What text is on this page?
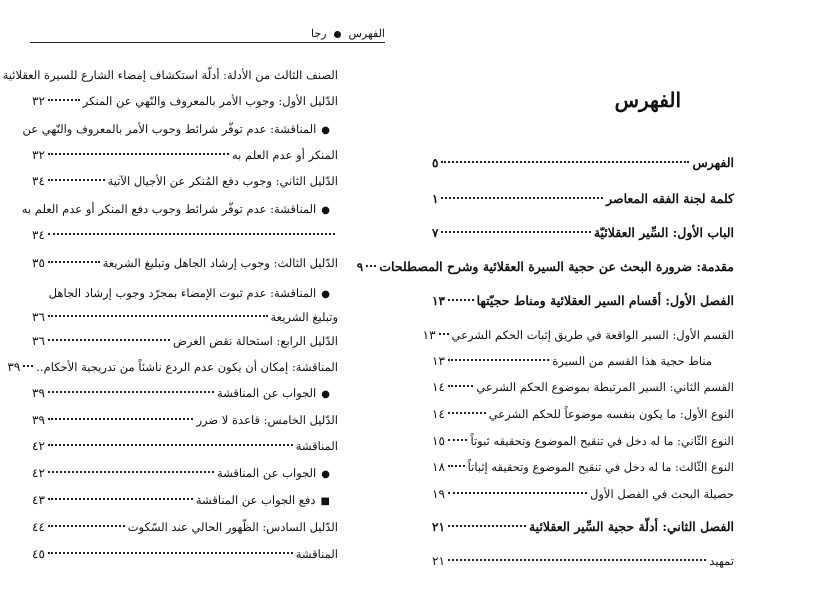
الفهرس  رجا
الصنف الثالث من الأدلة: أدلّة استكشاف إمضاء الشارع للسيرة العقلائية
الدّليل الأول: وجوب الأمر بالمعروف والنّهي عن المنكر
٣٢
●المناقشة: عدم توفّر شرائط وجوب الأمر بالمعروف والنّهي عن
المنكر أو عدم العلم به
٣٢
الدّليل الثاني: وجوب دفع المُنكر عن الأجيال الآتية
٣٤
●المناقشة: عدم توفّر شرائط وجوب دفع المنكر أو عدم العلم به
٣٤
الدّليل الثالث: وجوب إرشاد الجاهل وتبليغ الشريعة
٣٥
●المناقشة: عدم ثبوت الإمضاء بمجرّد وجوب إرشاد الجاهل
وتبليغ الشريعة
٣٦
الدّليل الرابع: استحالة نقض الغرض
٣٦
المناقشة: إمكان أن يكون عدم الردع ناشئاً من تدريجية الأحكام..
٣٩
●الجواب عن المناقشة
٣٩
الدّليل الخامس: قاعدة لا ضرر
٣٩
المناقشة
٤٢
●الجواب عن المناقشة
٤٢
■دفع الجواب عن المناقشة
٤٣
الدّليل السادس: الظّهور الحالي عند السّكوت
٤٤
المناقشة
٤٥
الفهرس
الفهرس
٥
كلمة لجنة الفقه المعاصر
١
الباب الأول: السِّير العقلائيّة
٧
مقدمة: ضرورة البحث عن حجية السيرة العقلائية وشرح المصطلحات
٩
الفصل الأول: أقسام السير العقلائية ومناط حجيّتها
١٣
القسم الأول: السير الواقعة في طريق إثبات الحكم الشرعي
١٣
مناط حجية هذا القسم من السيرة
١٣
القسم الثاني: السير المرتبطة بموضوع الحكم الشرعي
١٤
النوع الأول: ما يكون بنفسه موضوعاً للحكم الشرعي
١٤
النوع الثّاني: ما له دخل في تنقيح الموضوع وتحقيقه ثبوتاً
١٥
النوع الثّالث: ما له دخل في تنقيح الموضوع وتحقيقه إثباتاً
١٨
حصيلة البحث في الفصل الأول
١٩
الفصل الثاني: أدلّة حجية السِّير العقلائية
٢١
تمهيد
٢١
